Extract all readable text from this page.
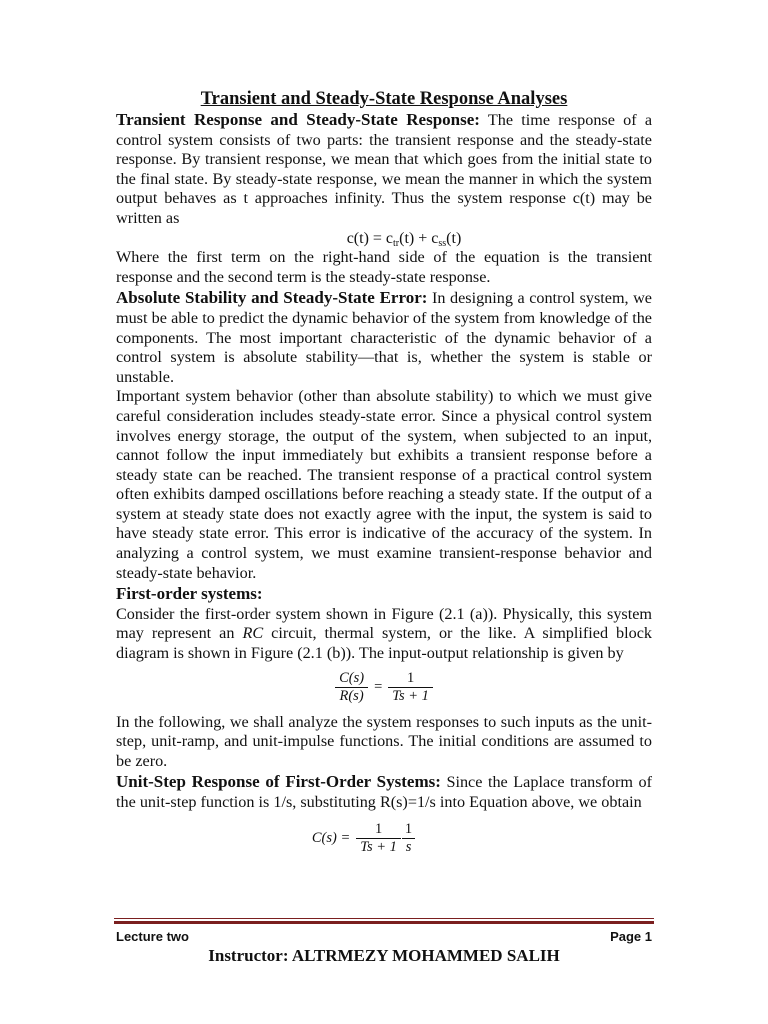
Transient and Steady-State Response Analyses

Transient Response and Steady-State Response: The time response of a control system consists of two parts: the transient response and the steady-state response. By transient response, we mean that which goes from the initial state to the final state. By steady-state response, we mean the manner in which the system output behaves as t approaches infinity. Thus the system response c(t) may be written as

$c(t) = c_{tr}(t) + c_{ss}(t)$

Where the first term on the right-hand side of the equation is the transient response and the second term is the steady-state response.

Absolute Stability and Steady-State Error: In designing a control system, we must be able to predict the dynamic behavior of the system from knowledge of the components. The most important characteristic of the dynamic behavior of a control system is absolute stability—that is, whether the system is stable or unstable.

Important system behavior (other than absolute stability) to which we must give careful consideration includes steady-state error. Since a physical control system involves energy storage, the output of the system, when subjected to an input, cannot follow the input immediately but exhibits a transient response before a steady state can be reached. The transient response of a practical control system often exhibits damped oscillations before reaching a steady state. If the output of a system at steady state does not exactly agree with the input, the system is said to have steady state error. This error is indicative of the accuracy of the system. In analyzing a control system, we must examine transient-response behavior and steady-state behavior.

First-order systems:

Consider the first-order system shown in Figure (2.1 (a)). Physically, this system may represent an RC circuit, thermal system, or the like. A simplified block diagram is shown in Figure (2.1 (b)). The input-output relationship is given by

$\frac{C(s)}{R(s)} = \frac{1}{Ts + 1}$

In the following, we shall analyze the system responses to such inputs as the unit-step, unit-ramp, and unit-impulse functions. The initial conditions are assumed to be zero.

Unit-Step Response of First-Order Systems: Since the Laplace transform of the unit-step function is 1/s, substituting R(s)=1/s into Equation above, we obtain

$C(s) = \frac{1}{Ts + 1} \frac{1}{s}$
Lecture two	Page 1
Instructor: ALTRMEZY MOHAMMED SALIH
